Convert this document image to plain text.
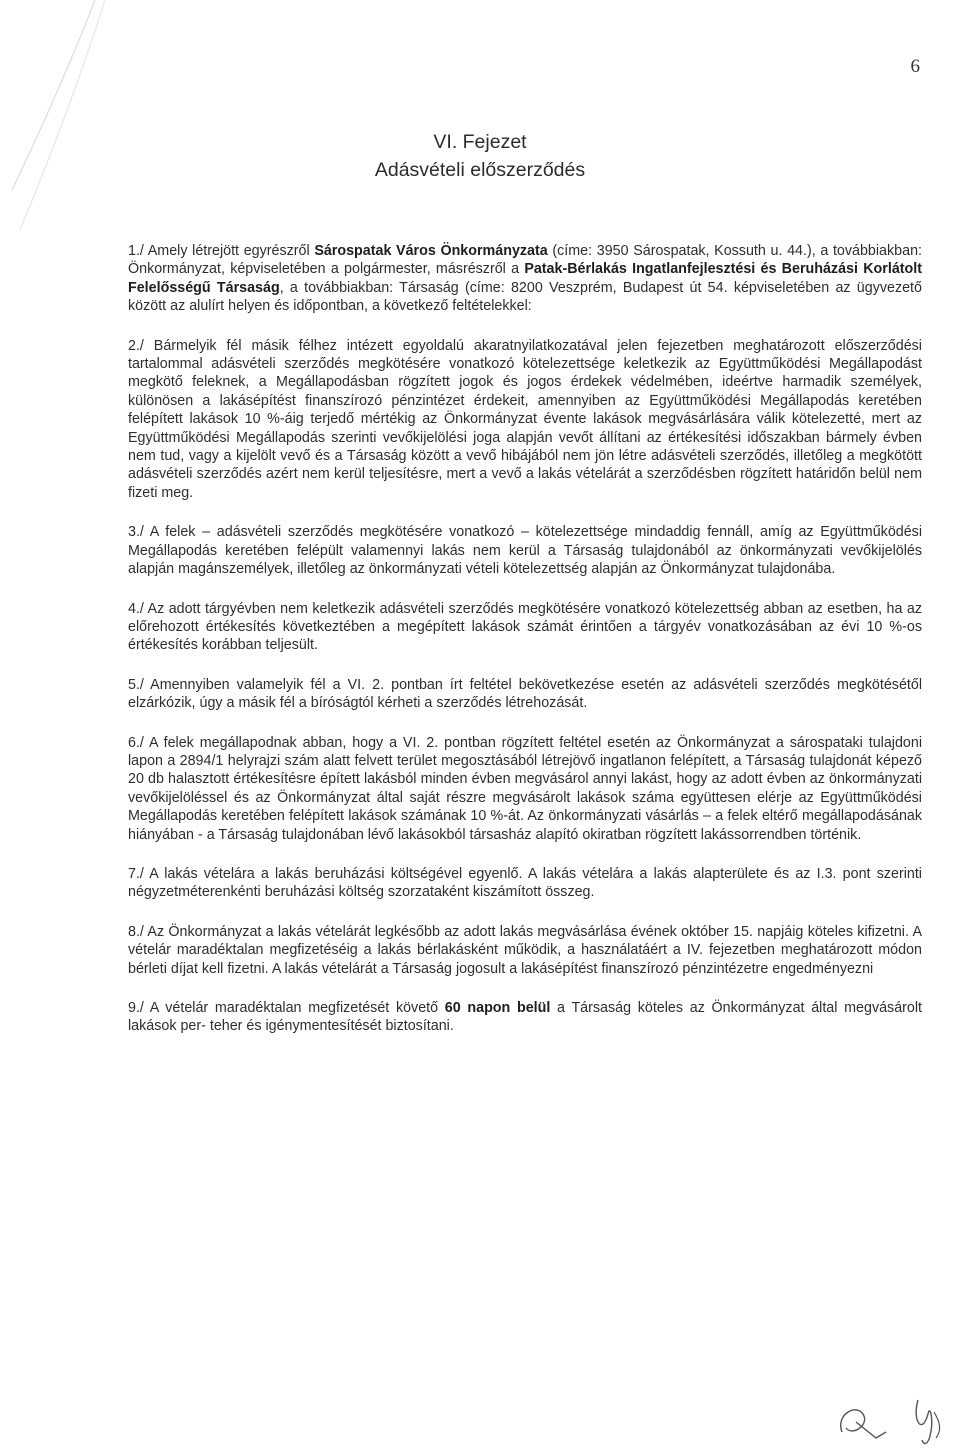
6
VI. Fejezet
Adásvételi előszerződés

1./ Amely létrejött egyrészről Sárospatak Város Önkormányzata (címe: 3950 Sárospatak, Kossuth u. 44.), a továbbiakban: Önkormányzat, képviseletében a polgármester, másrészről a Patak-Bérlakás Ingatlanfejlesztési és Beruházási Korlátolt Felelősségű Társaság, a továbbiakban: Társaság (címe: 8200 Veszprém, Budapest út 54. képviseletében az ügyvezető között az alulírt helyen és időpontban, a következő feltételekkel:

2./ Bármelyik fél másik félhez intézett egyoldalú akaratnyilatkozatával jelen fejezetben meghatározott előszerződési tartalommal adásvételi szerződés megkötésére vonatkozó kötelezettsége keletkezik az Együttműködési Megállapodást megkötő feleknek, a Megállapodásban rögzített jogok és jogos érdekek védelmében, ideértve harmadik személyek, különösen a lakásépítést finanszírozó pénzintézet érdekeit, amennyiben az Együttműködési Megállapodás keretében felépített lakások 10 %-áig terjedő mértékig az Önkormányzat évente lakások megvásárlására válik kötelezetté, mert az Együttműködési Megállapodás szerinti vevőkijelölési joga alapján vevőt állítani az értékesítési időszakban bármely évben nem tud, vagy a kijelölt vevő és a Társaság között a vevő hibájából nem jön létre adásvételi szerződés, illetőleg a megkötött adásvételi szerződés azért nem kerül teljesítésre, mert a vevő a lakás vételárát a szerződésben rögzített határidőn belül nem fizeti meg.

3./ A felek – adásvételi szerződés megkötésére vonatkozó – kötelezettsége mindaddig fennáll, amíg az Együttműködési Megállapodás keretében felépült valamennyi lakás nem kerül a Társaság tulajdonából az önkormányzati vevőkijelölés alapján magánszemélyek, illetőleg az önkormányzati vételi kötelezettség alapján az Önkormányzat tulajdonába.

4./ Az adott tárgyévben nem keletkezik adásvételi szerződés megkötésére vonatkozó kötelezettség abban az esetben, ha az előrehozott értékesítés következtében a megépített lakások számát érintően a tárgyév vonatkozásában az évi 10 %-os értékesítés korábban teljesült.

5./ Amennyiben valamelyik fél a VI. 2. pontban írt feltétel bekövetkezése esetén az adásvételi szerződés megkötésétől elzárkózik, úgy a másik fél a bíróságtól kérheti a szerződés létrehozását.

6./ A felek megállapodnak abban, hogy a VI. 2. pontban rögzített feltétel esetén az Önkormányzat a sárospataki tulajdoni lapon a 2894/1 helyrajzi szám alatt felvett terület megosztásából létrejövő ingatlanon felépített, a Társaság tulajdonát képező 20 db halasztott értékesítésre épített lakásból minden évben megvásárol annyi lakást, hogy az adott évben az önkormányzati vevőkijelöléssel és az Önkormányzat által saját részre megvásárolt lakások száma együttesen elérje az Együttműködési Megállapodás keretében felépített lakások számának 10 %-át. Az önkormányzati vásárlás – a felek eltérő megállapodásának hiányában - a Társaság tulajdonában lévő lakásokból társasház alapító okiratban rögzített lakássorrendben történik.

7./ A lakás vételára a lakás beruházási költségével egyenlő. A lakás vételára a lakás alapterülete és az I.3. pont szerinti négyzetméterenkénti beruházási költség szorzataként kiszámított összeg.

8./ Az Önkormányzat a lakás vételárát legkésőbb az adott lakás megvásárlása évének október 15. napjáig köteles kifizetni. A vételár maradéktalan megfizetéséig a lakás bérlakásként működik, a használatáért a IV. fejezetben meghatározott módon bérleti díjat kell fizetni. A lakás vételárát a Társaság jogosult a lakásépítést finanszírozó pénzintézetre engedményezni

9./ A vételár maradéktalan megfizetését követő 60 napon belül a Társaság köteles az Önkormányzat által megvásárolt lakások per- teher és igénymentesítését biztosítani.
